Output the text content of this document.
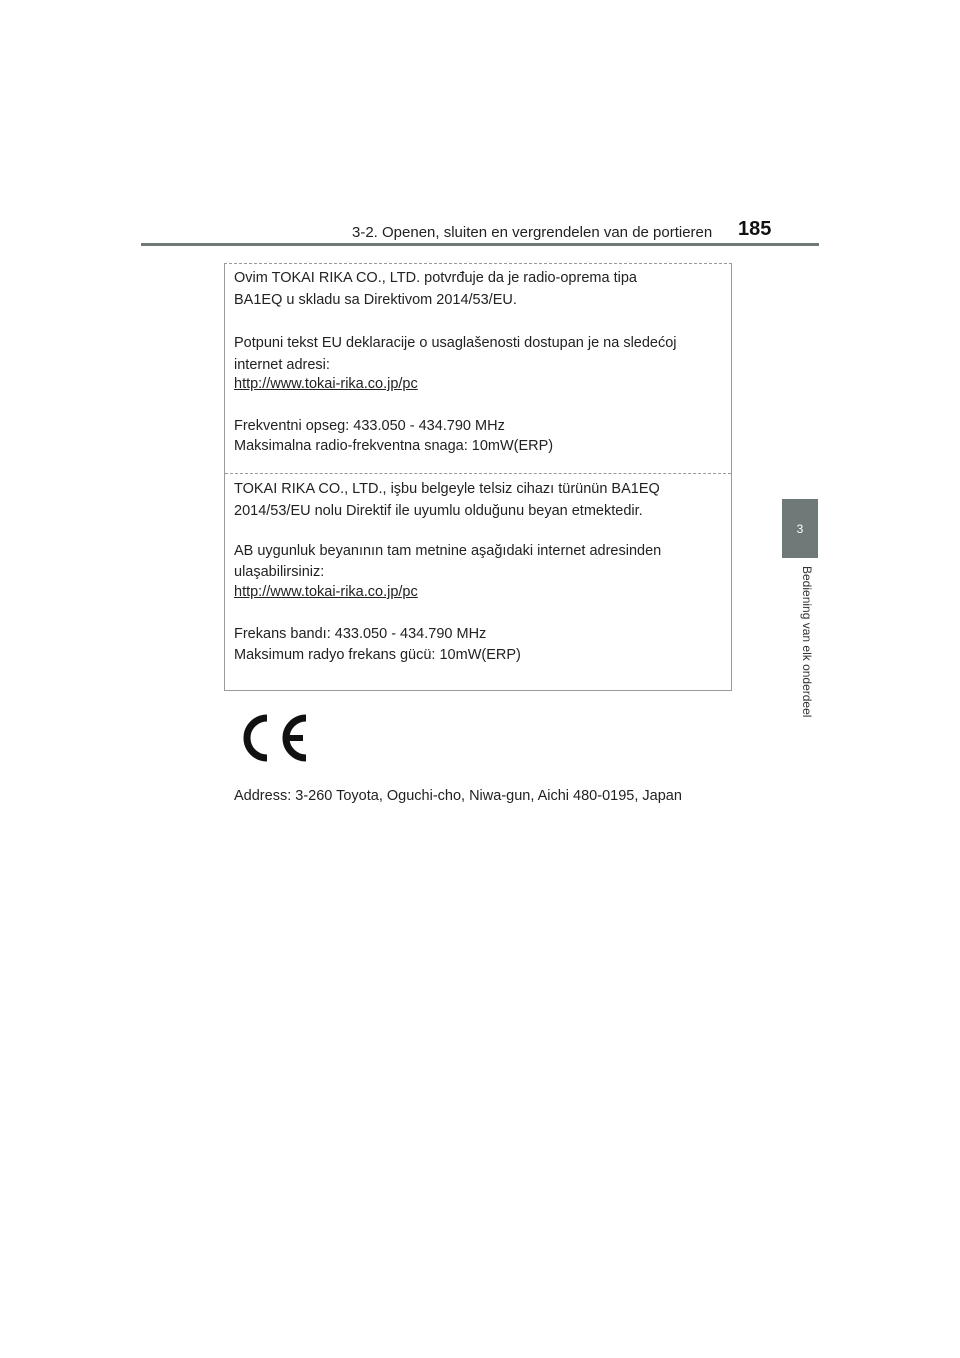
3-2. Openen, sluiten en vergrendelen van de portieren 185
3
Bediening van elk onderdeel
Ovim TOKAI RIKA CO., LTD. potvrđuje da je radio-oprema tipa
BA1EQ u skladu sa Direktivom 2014/53/EU.
Potpuni tekst EU deklaracije o usaglašenosti dostupan je na sledećoj
internet adresi:
http://www.tokai-rika.co.jp/pc
Frekventni opseg: 433.050 - 434.790 MHz
Maksimalna radio-frekventna snaga: 10mW(ERP)
TOKAI RIKA CO., LTD., işbu belgeyle telsiz cihazı türünün BA1EQ
2014/53/EU nolu Direktif ile uyumlu olduğunu beyan etmektedir.
AB uygunluk beyanının tam metnine aşağıdaki internet adresinden
ulaşabilirsiniz:
http://www.tokai-rika.co.jp/pc
Frekans bandı: 433.050 - 434.790 MHz
Maksimum radyo frekans gücü: 10mW(ERP)
Address: 3-260 Toyota, Oguchi-cho, Niwa-gun, Aichi 480-0195, Japan
